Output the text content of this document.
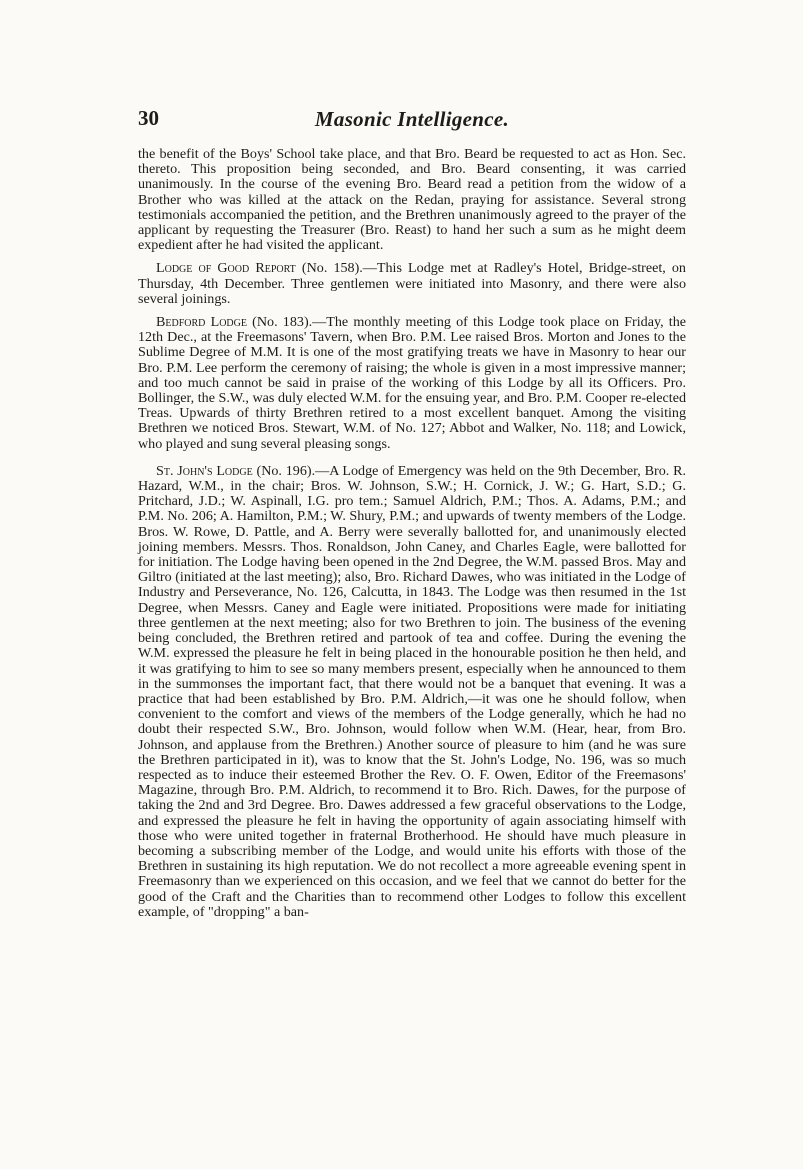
30	Masonic Intelligence.

the benefit of the Boys' School take place, and that Bro. Beard be requested to act as Hon. Sec. thereto. This proposition being seconded, and Bro. Beard consenting, it was carried unanimously. In the course of the evening Bro. Beard read a petition from the widow of a Brother who was killed at the attack on the Redan, praying for assistance. Several strong testimonials accompanied the petition, and the Brethren unanimously agreed to the prayer of the applicant by requesting the Treasurer (Bro. Reast) to hand her such a sum as he might deem expedient after he had visited the applicant.

Lodge of Good Report (No. 158).—This Lodge met at Radley's Hotel, Bridge-street, on Thursday, 4th December. Three gentlemen were initiated into Masonry, and there were also several joinings.

Bedford Lodge (No. 183).—The monthly meeting of this Lodge took place on Friday, the 12th Dec., at the Freemasons' Tavern, when Bro. P.M. Lee raised Bros. Morton and Jones to the Sublime Degree of M.M. It is one of the most gratifying treats we have in Masonry to hear our Bro. P.M. Lee perform the ceremony of raising; the whole is given in a most impressive manner; and too much cannot be said in praise of the working of this Lodge by all its Officers. Pro. Bollinger, the S.W., was duly elected W.M. for the ensuing year, and Bro. P.M. Cooper re-elected Treas. Upwards of thirty Brethren retired to a most excellent banquet. Among the visiting Brethren we noticed Bros. Stewart, W.M. of No. 127; Abbot and Walker, No. 118; and Lowick, who played and sung several pleasing songs.

St. John's Lodge (No. 196).—A Lodge of Emergency was held on the 9th December, Bro. R. Hazard, W.M., in the chair; Bros. W. Johnson, S.W.; H. Cornick, J. W.; G. Hart, S.D.; G. Pritchard, J.D.; W. Aspinall, I.G. pro tem.; Samuel Aldrich, P.M.; Thos. A. Adams, P.M.; and P.M. No. 206; A. Hamilton, P.M.; W. Shury, P.M.; and upwards of twenty members of the Lodge. Bros. W. Rowe, D. Pattle, and A. Berry were severally ballotted for, and unanimously elected joining members. Messrs. Thos. Ronaldson, John Caney, and Charles Eagle, were ballotted for for initiation. The Lodge having been opened in the 2nd Degree, the W.M. passed Bros. May and Giltro (initiated at the last meeting); also, Bro. Richard Dawes, who was initiated in the Lodge of Industry and Perseverance, No. 126, Calcutta, in 1843. The Lodge was then resumed in the 1st Degree, when Messrs. Caney and Eagle were initiated. Propositions were made for initiating three gentlemen at the next meeting; also for two Brethren to join. The business of the evening being concluded, the Brethren retired and partook of tea and coffee. During the evening the W.M. expressed the pleasure he felt in being placed in the honourable position he then held, and it was gratifying to him to see so many members present, especially when he announced to them in the summonses the important fact, that there would not be a banquet that evening. It was a practice that had been established by Bro. P.M. Aldrich,—it was one he should follow, when convenient to the comfort and views of the members of the Lodge generally, which he had no doubt their respected S.W., Bro. Johnson, would follow when W.M. (Hear, hear, from Bro. Johnson, and applause from the Brethren.) Another source of pleasure to him (and he was sure the Brethren participated in it), was to know that the St. John's Lodge, No. 196, was so much respected as to induce their esteemed Brother the Rev. O. F. Owen, Editor of the Freemasons' Magazine, through Bro. P.M. Aldrich, to recommend it to Bro. Rich. Dawes, for the purpose of taking the 2nd and 3rd Degree. Bro. Dawes addressed a few graceful observations to the Lodge, and expressed the pleasure he felt in having the opportunity of again associating himself with those who were united together in fraternal Brotherhood. He should have much pleasure in becoming a subscribing member of the Lodge, and would unite his efforts with those of the Brethren in sustaining its high reputation. We do not recollect a more agreeable evening spent in Freemasonry than we experienced on this occasion, and we feel that we cannot do better for the good of the Craft and the Charities than to recommend other Lodges to follow this excellent example, of "dropping" a ban-
